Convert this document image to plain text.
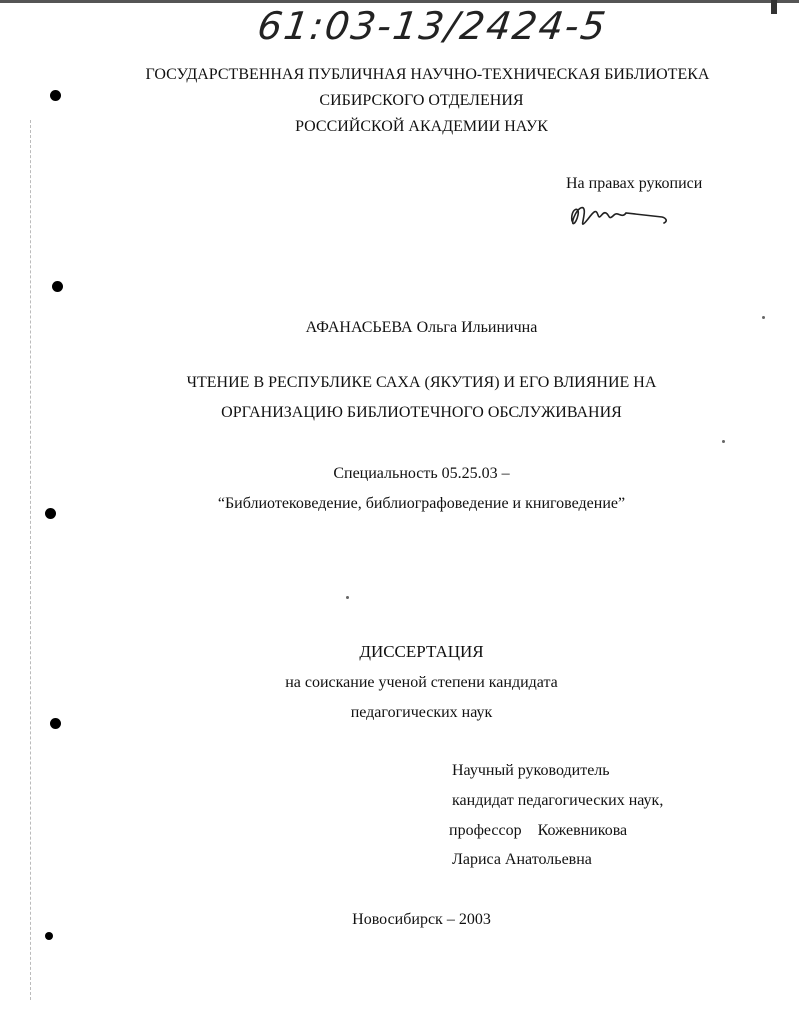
61:03-13/2424-5
ГОСУДАРСТВЕННАЯ ПУБЛИЧНАЯ НАУЧНО-ТЕХНИЧЕСКАЯ БИБЛИОТЕКА
СИБИРСКОГО ОТДЕЛЕНИЯ
РОССИЙСКОЙ АКАДЕМИИ НАУК
На правах рукописи
АФАНАСЬЕВА Ольга Ильинична
ЧТЕНИЕ В РЕСПУБЛИКЕ САХА (ЯКУТИЯ) И ЕГО ВЛИЯНИЕ НА
ОРГАНИЗАЦИЮ БИБЛИОТЕЧНОГО ОБСЛУЖИВАНИЯ
Специальность 05.25.03 –
“Библиотековедение, библиографоведение и книговедение”
ДИССЕРТАЦИЯ
на соискание ученой степени кандидата
педагогических наук
Научный руководитель
кандидат педагогических наук,
профессор Кожевникова
Лариса Анатольевна
Новосибирск – 2003
